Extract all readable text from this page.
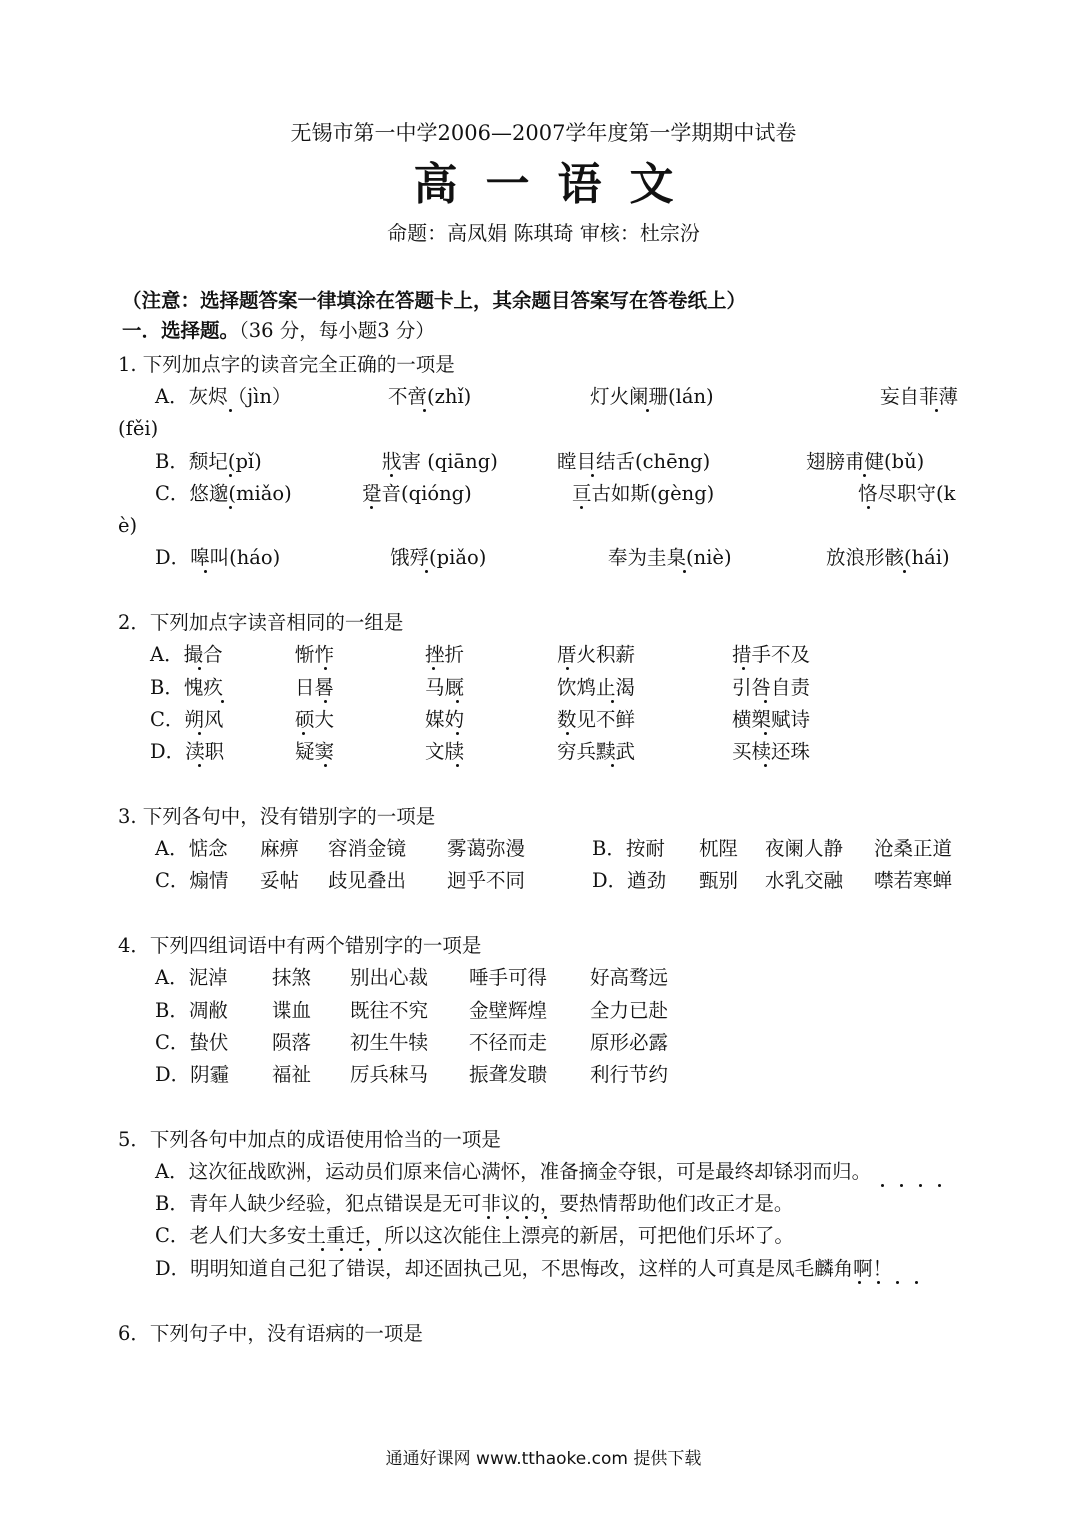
无锡市第一中学2006—2007学年度第一学期期中试卷
高一语文
命题：高凤娟 陈琪琦 审核：杜宗汾
（注意：选择题答案一律填涂在答题卡上，其余题目答案写在答卷纸上）
一．选择题。（36 分，每小题3 分）
1. 下列加点字的读音完全正确的一项是
A．灰烬（jìn）	不啻(zhǐ)	灯火阑珊(lán)	妄自菲薄
(fěi)
B．颓圮(pǐ)	戕害 (qiāng)	瞠目结舌(chēng)	翅膀甫健(bǔ)
C．悠邈(miǎo)	跫音(qióng)	亘古如斯(gèng)	恪尽职守(k
è)
D．嗥叫(háo)	饿殍(piǎo)	奉为圭臬(niè)	放浪形骸(hái)
2．下列加点字读音相同的一组是
A．撮合	惭怍	挫折	厝火积薪	措手不及
B．愧疚	日晷	马厩	饮鸩止渴	引咎自责
C．朔风	硕大	媒妁	数见不鲜	横槊赋诗
D．渎职	疑窦	文牍	穷兵黩武	买椟还珠
3. 下列各句中，没有错别字的一项是
A．惦念 麻痹 容消金镜 雾蔼弥漫	B．按耐 杌陧 夜阑人静 沧桑正道
C．煽情 妥帖 歧见叠出 迥乎不同	D．遒劲 甄别 水乳交融 噤若寒蝉
4．下列四组词语中有两个错别字的一项是
A．泥淖 抹煞 别出心裁 唾手可得 好高骛远
B．凋敝 谍血 既往不究 金壁辉煌 全力已赴
C．蛰伏 陨落 初生牛犊 不径而走 原形必露
D．阴霾 福祉 厉兵秣马 振聋发聩 利行节约
5．下列各句中加点的成语使用恰当的一项是
A．这次征战欧洲，运动员们原来信心满怀，准备摘金夺银，可是最终却铩羽而归。
B．青年人缺少经验，犯点错误是无可非议的，要热情帮助他们改正才是。
C．老人们大多安土重迁，所以这次能住上漂亮的新居，可把他们乐坏了。
D．明明知道自己犯了错误，却还固执己见，不思悔改，这样的人可真是凤毛麟角啊！
6．下列句子中，没有语病的一项是
通通好课网 www.tthaoke.com 提供下载
